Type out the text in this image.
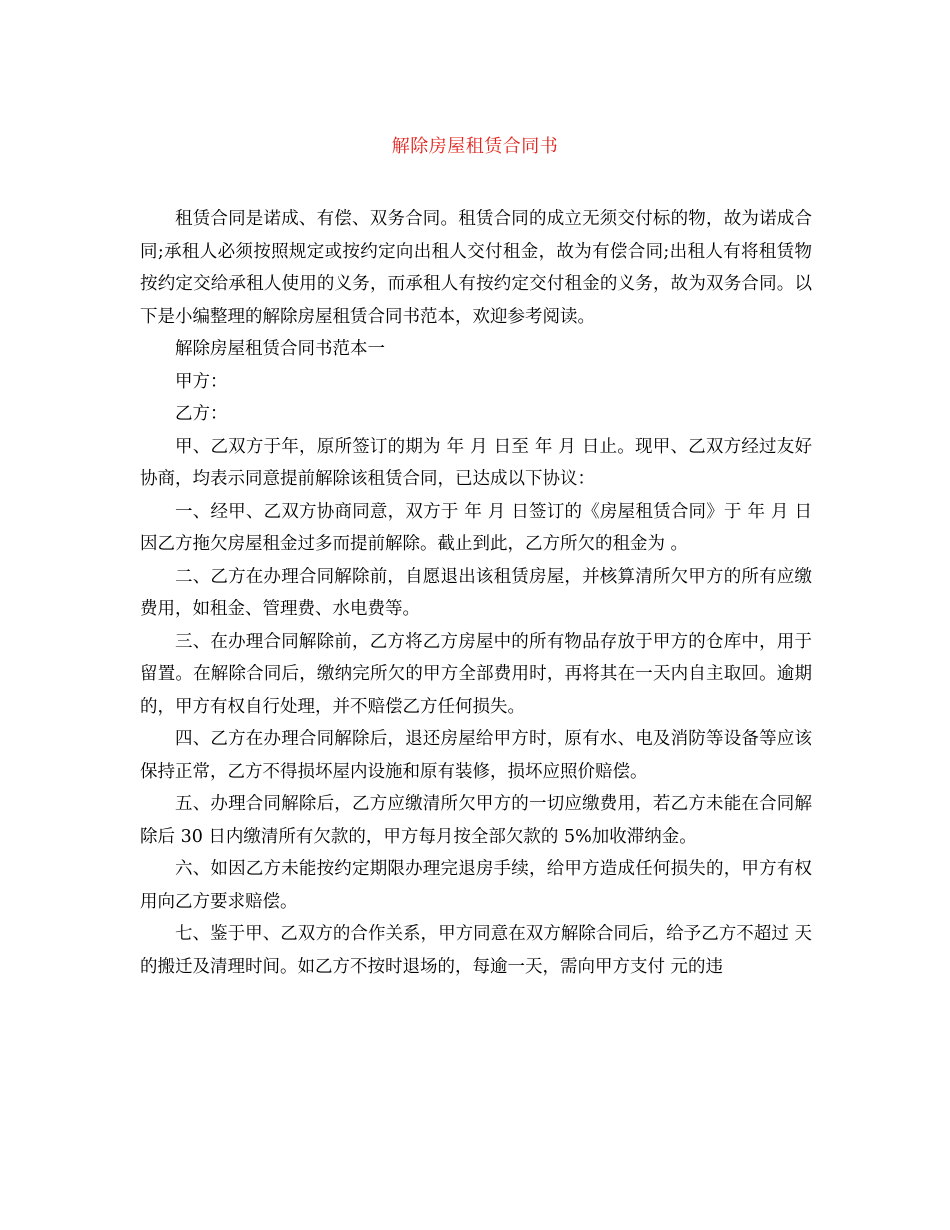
解除房屋租赁合同书

租赁合同是诺成、有偿、双务合同。租赁合同的成立无须交付标的物，故为诺成合同;承租人必须按照规定或按约定向出租人交付租金，故为有偿合同;出租人有将租赁物按约定交给承租人使用的义务，而承租人有按约定交付租金的义务，故为双务合同。以下是小编整理的解除房屋租赁合同书范本，欢迎参考阅读。

解除房屋租赁合同书范本一

甲方：

乙方：

甲、乙双方于年，原所签订的期为 年 月 日至 年 月 日止。现甲、乙双方经过友好协商，均表示同意提前解除该租赁合同，已达成以下协议：

一、经甲、乙双方协商同意，双方于 年 月 日签订的《房屋租赁合同》于 年 月 日因乙方拖欠房屋租金过多而提前解除。截止到此，乙方所欠的租金为 。

二、乙方在办理合同解除前，自愿退出该租赁房屋，并核算清所欠甲方的所有应缴费用，如租金、管理费、水电费等。

三、在办理合同解除前，乙方将乙方房屋中的所有物品存放于甲方的仓库中，用于留置。在解除合同后，缴纳完所欠的甲方全部费用时，再将其在一天内自主取回。逾期的，甲方有权自行处理，并不赔偿乙方任何损失。

四、乙方在办理合同解除后，退还房屋给甲方时，原有水、电及消防等设备等应该保持正常，乙方不得损坏屋内设施和原有装修，损坏应照价赔偿。

五、办理合同解除后，乙方应缴清所欠甲方的一切应缴费用，若乙方未能在合同解除后 30 日内缴清所有欠款的，甲方每月按全部欠款的 5%加收滞纳金。

六、如因乙方未能按约定期限办理完退房手续，给甲方造成任何损失的，甲方有权用向乙方要求赔偿。

七、鉴于甲、乙双方的合作关系，甲方同意在双方解除合同后，给予乙方不超过 天的搬迁及清理时间。如乙方不按时退场的，每逾一天，需向甲方支付 元的违
